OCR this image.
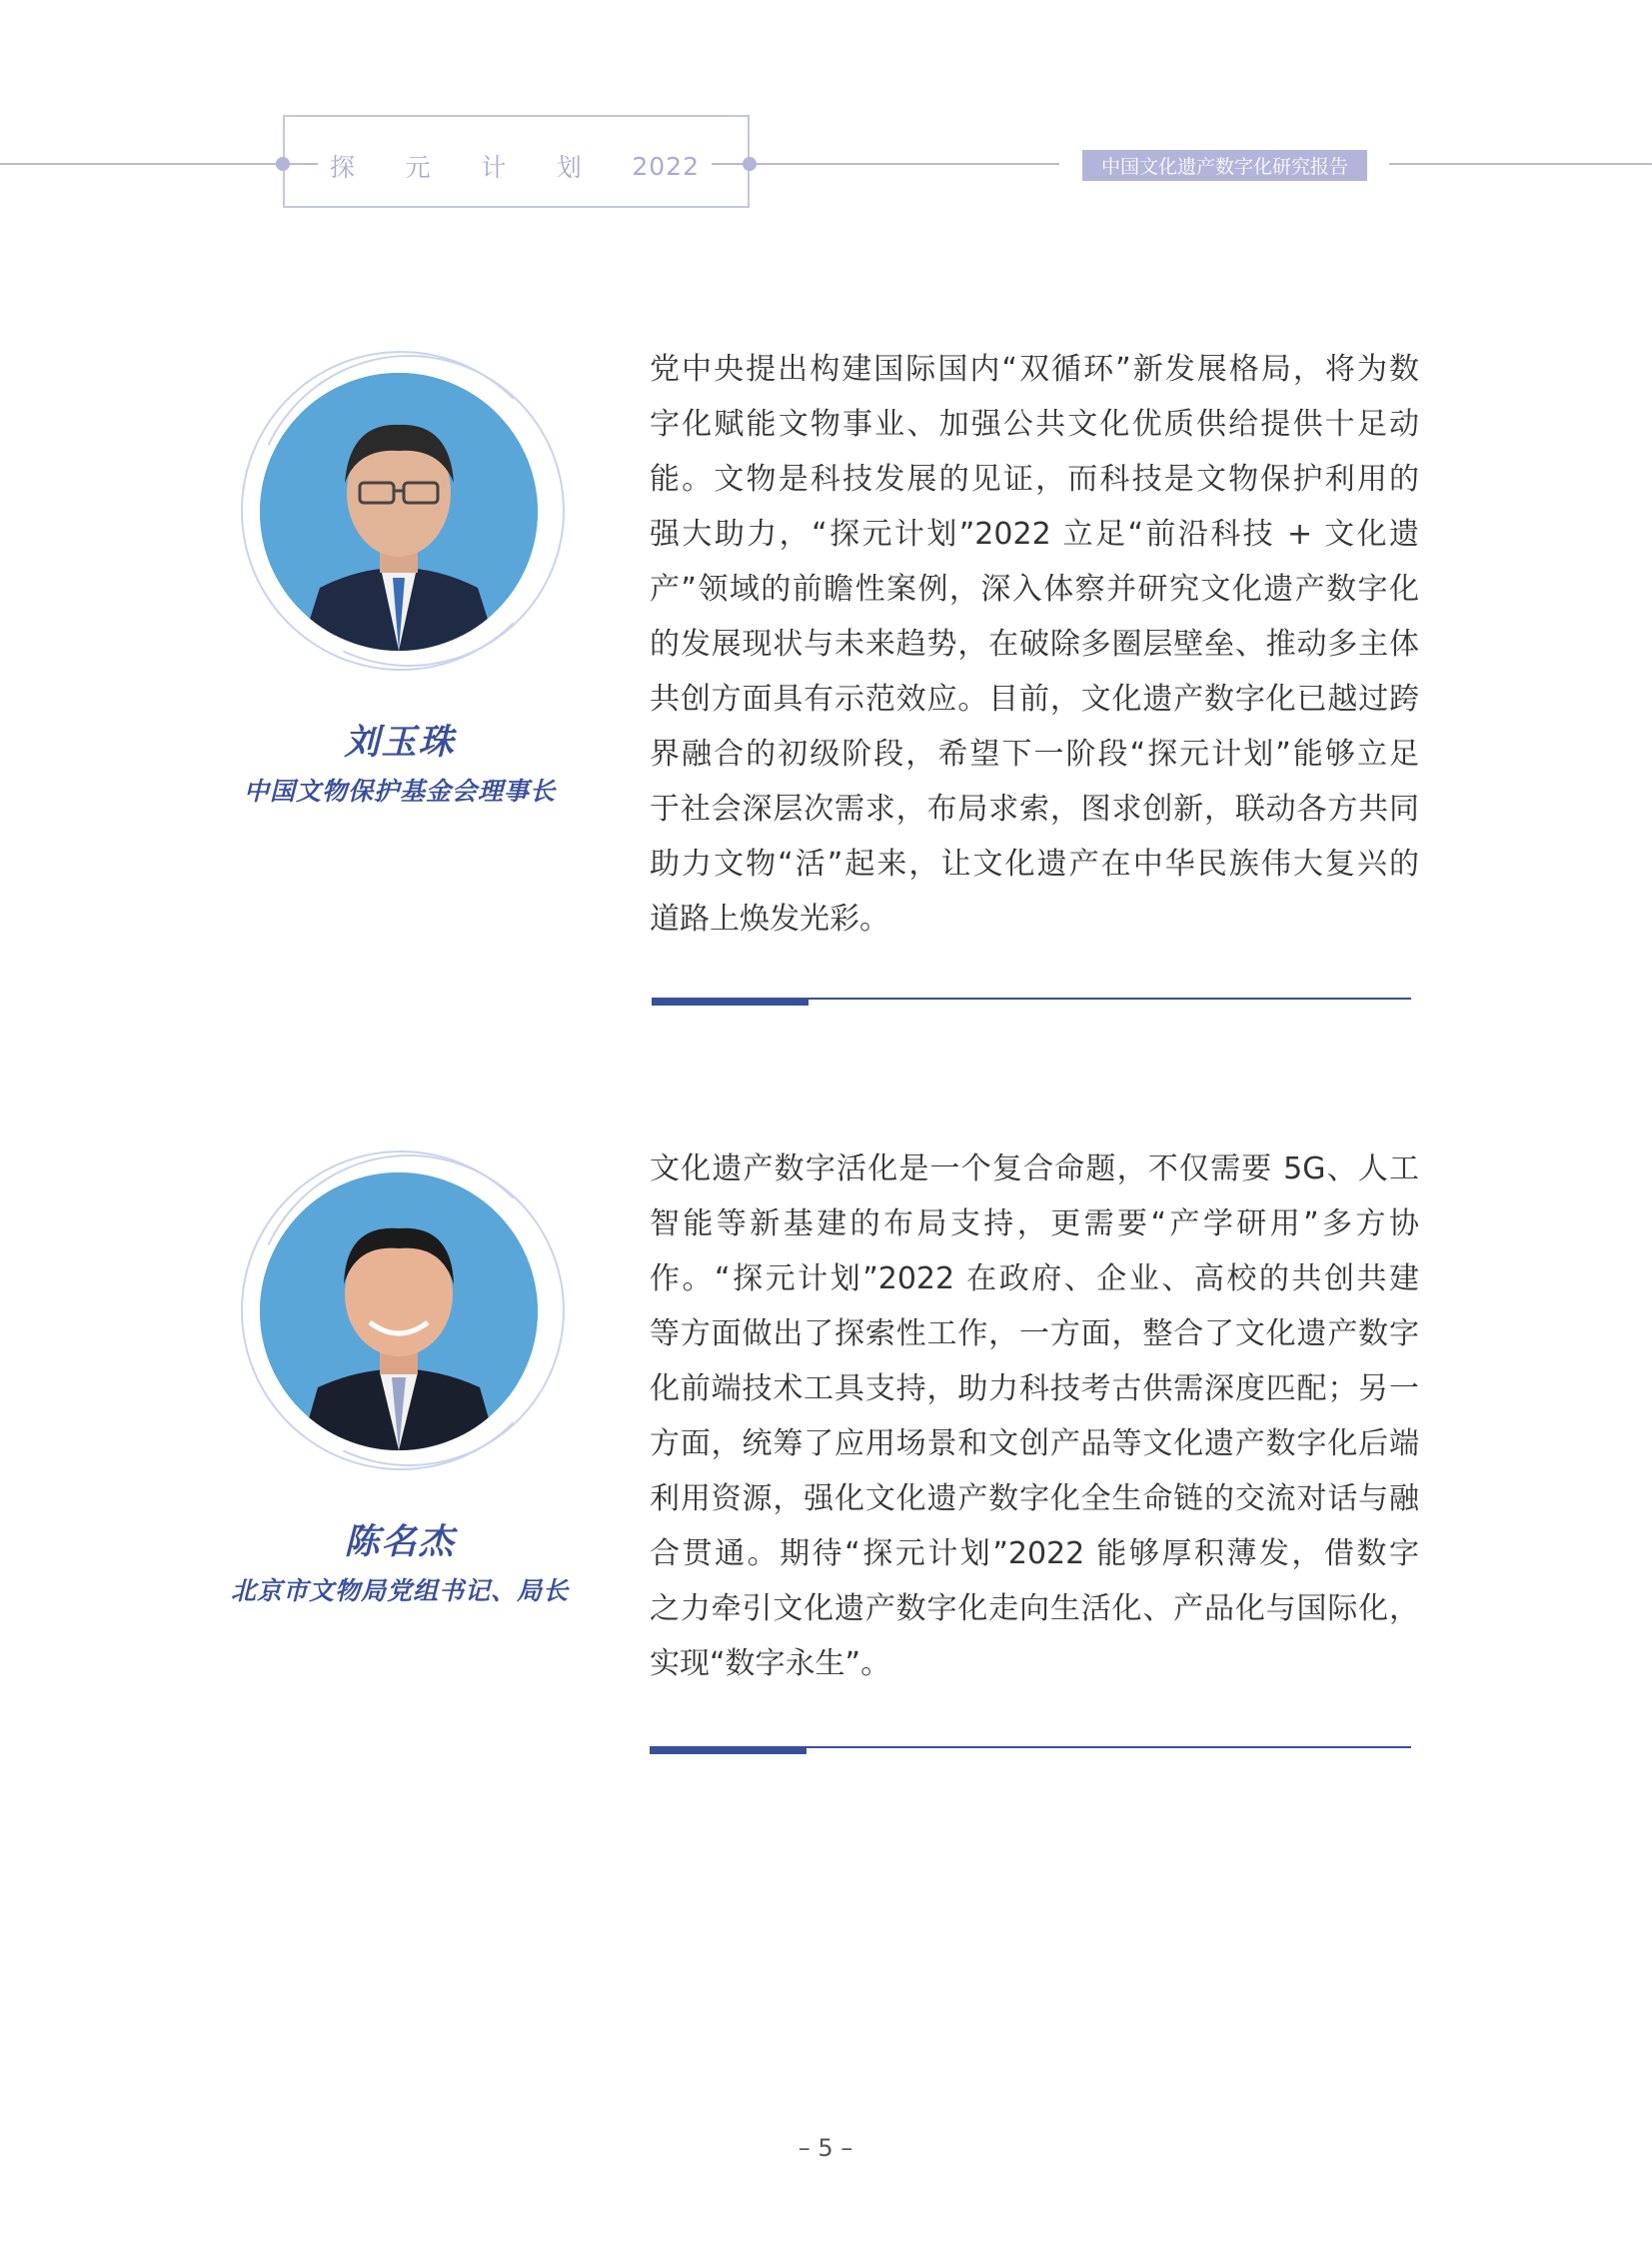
探 元 计 划 2022	中国文化遗产数字化研究报告
刘玉珠
中国文物保护基金会理事长
党中央提出构建国际国内“双循环”新发展格局，将为数
字化赋能文物事业、加强公共文化优质供给提供十足动
能。文物是科技发展的见证，而科技是文物保护利用的
强大助力，“探元计划”2022 立足“前沿科技 + 文化遗
产”领域的前瞻性案例，深入体察并研究文化遗产数字化
的发展现状与未来趋势，在破除多圈层壁垒、推动多主体
共创方面具有示范效应。目前，文化遗产数字化已越过跨
界融合的初级阶段，希望下一阶段“探元计划”能够立足
于社会深层次需求，布局求索，图求创新，联动各方共同
助力文物“活”起来，让文化遗产在中华民族伟大复兴的
道路上焕发光彩。
陈名杰
北京市文物局党组书记、局长
文化遗产数字活化是一个复合命题，不仅需要 5G、人工
智能等新基建的布局支持，更需要“产学研用”多方协
作。“探元计划”2022 在政府、企业、高校的共创共建
等方面做出了探索性工作，一方面，整合了文化遗产数字
化前端技术工具支持，助力科技考古供需深度匹配；另一
方面，统筹了应用场景和文创产品等文化遗产数字化后端
利用资源，强化文化遗产数字化全生命链的交流对话与融
合贯通。期待“探元计划”2022 能够厚积薄发，借数字
之力牵引文化遗产数字化走向生活化、产品化与国际化，
实现“数字永生”。
– 5 –
